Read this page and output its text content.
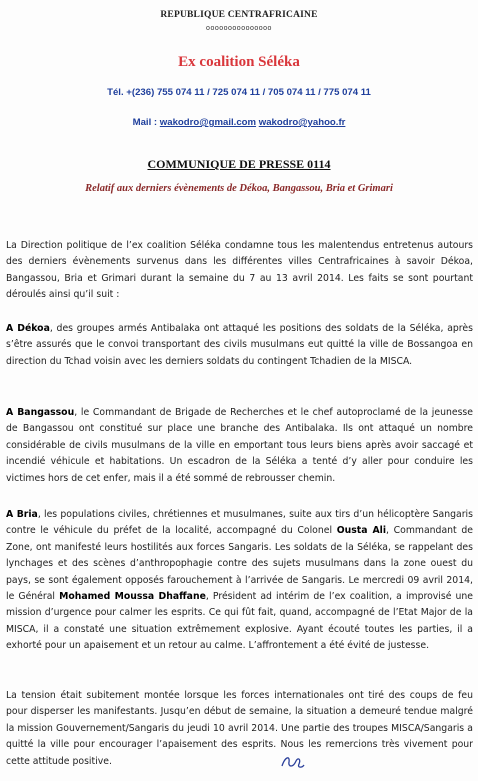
REPUBLIQUE CENTRAFRICAINE
ooooooooooooooo
Ex coalition Séléka
Tél. +(236) 755 074 11 / 725 074 11 / 705 074 11 / 775 074 11
Mail : wakodro@gmail.com wakodro@yahoo.fr
COMMUNIQUE DE PRESSE 0114
Relatif aux derniers évènements de Dékoa, Bangassou, Bria et Grimari

La Direction politique de l’ex coalition Séléka condamne tous les malentendus entretenus autours des derniers évènements survenus dans les différentes villes Centrafricaines à savoir Dékoa, Bangassou, Bria et Grimari durant la semaine du 7 au 13 avril 2014. Les faits se sont pourtant déroulés ainsi qu’il suit :

A Dékoa, des groupes armés Antibalaka ont attaqué les positions des soldats de la Séléka, après s’être assurés que le convoi transportant des civils musulmans eut quitté la ville de Bossangoa en direction du Tchad voisin avec les derniers soldats du contingent Tchadien de la MISCA.

A Bangassou, le Commandant de Brigade de Recherches et le chef autoproclamé de la jeunesse de Bangassou ont constitué sur place une branche des Antibalaka. Ils ont attaqué un nombre considérable de civils musulmans de la ville en emportant tous leurs biens après avoir saccagé et incendié véhicule et habitations. Un escadron de la Séléka a tenté d’y aller pour conduire les victimes hors de cet enfer, mais il a été sommé de rebrousser chemin.

A Bria, les populations civiles, chrétiennes et musulmanes, suite aux tirs d’un hélicoptère Sangaris contre le véhicule du préfet de la localité, accompagné du Colonel Ousta Ali, Commandant de Zone, ont manifesté leurs hostilités aux forces Sangaris. Les soldats de la Séléka, se rappelant des lynchages et des scènes d’anthropophagie contre des sujets musulmans dans la zone ouest du pays, se sont également opposés farouchement à l’arrivée de Sangaris. Le mercredi 09 avril 2014, le Général Mohamed Moussa Dhaffane, Président ad intérim de l’ex coalition, a improvisé une mission d’urgence pour calmer les esprits. Ce qui fût fait, quand, accompagné de l’Etat Major de la MISCA, il a constaté une situation extrêmement explosive. Ayant écouté toutes les parties, il a exhorté pour un apaisement et un retour au calme. L’affrontement a été évité de justesse.

La tension était subitement montée lorsque les forces internationales ont tiré des coups de feu pour disperser les manifestants. Jusqu’en début de semaine, la situation a demeuré tendue malgré la mission Gouvernement/Sangaris du jeudi 10 avril 2014. Une partie des troupes MISCA/Sangaris a quitté la ville pour encourager l’apaisement des esprits. Nous les remercions très vivement pour cette attitude positive.
